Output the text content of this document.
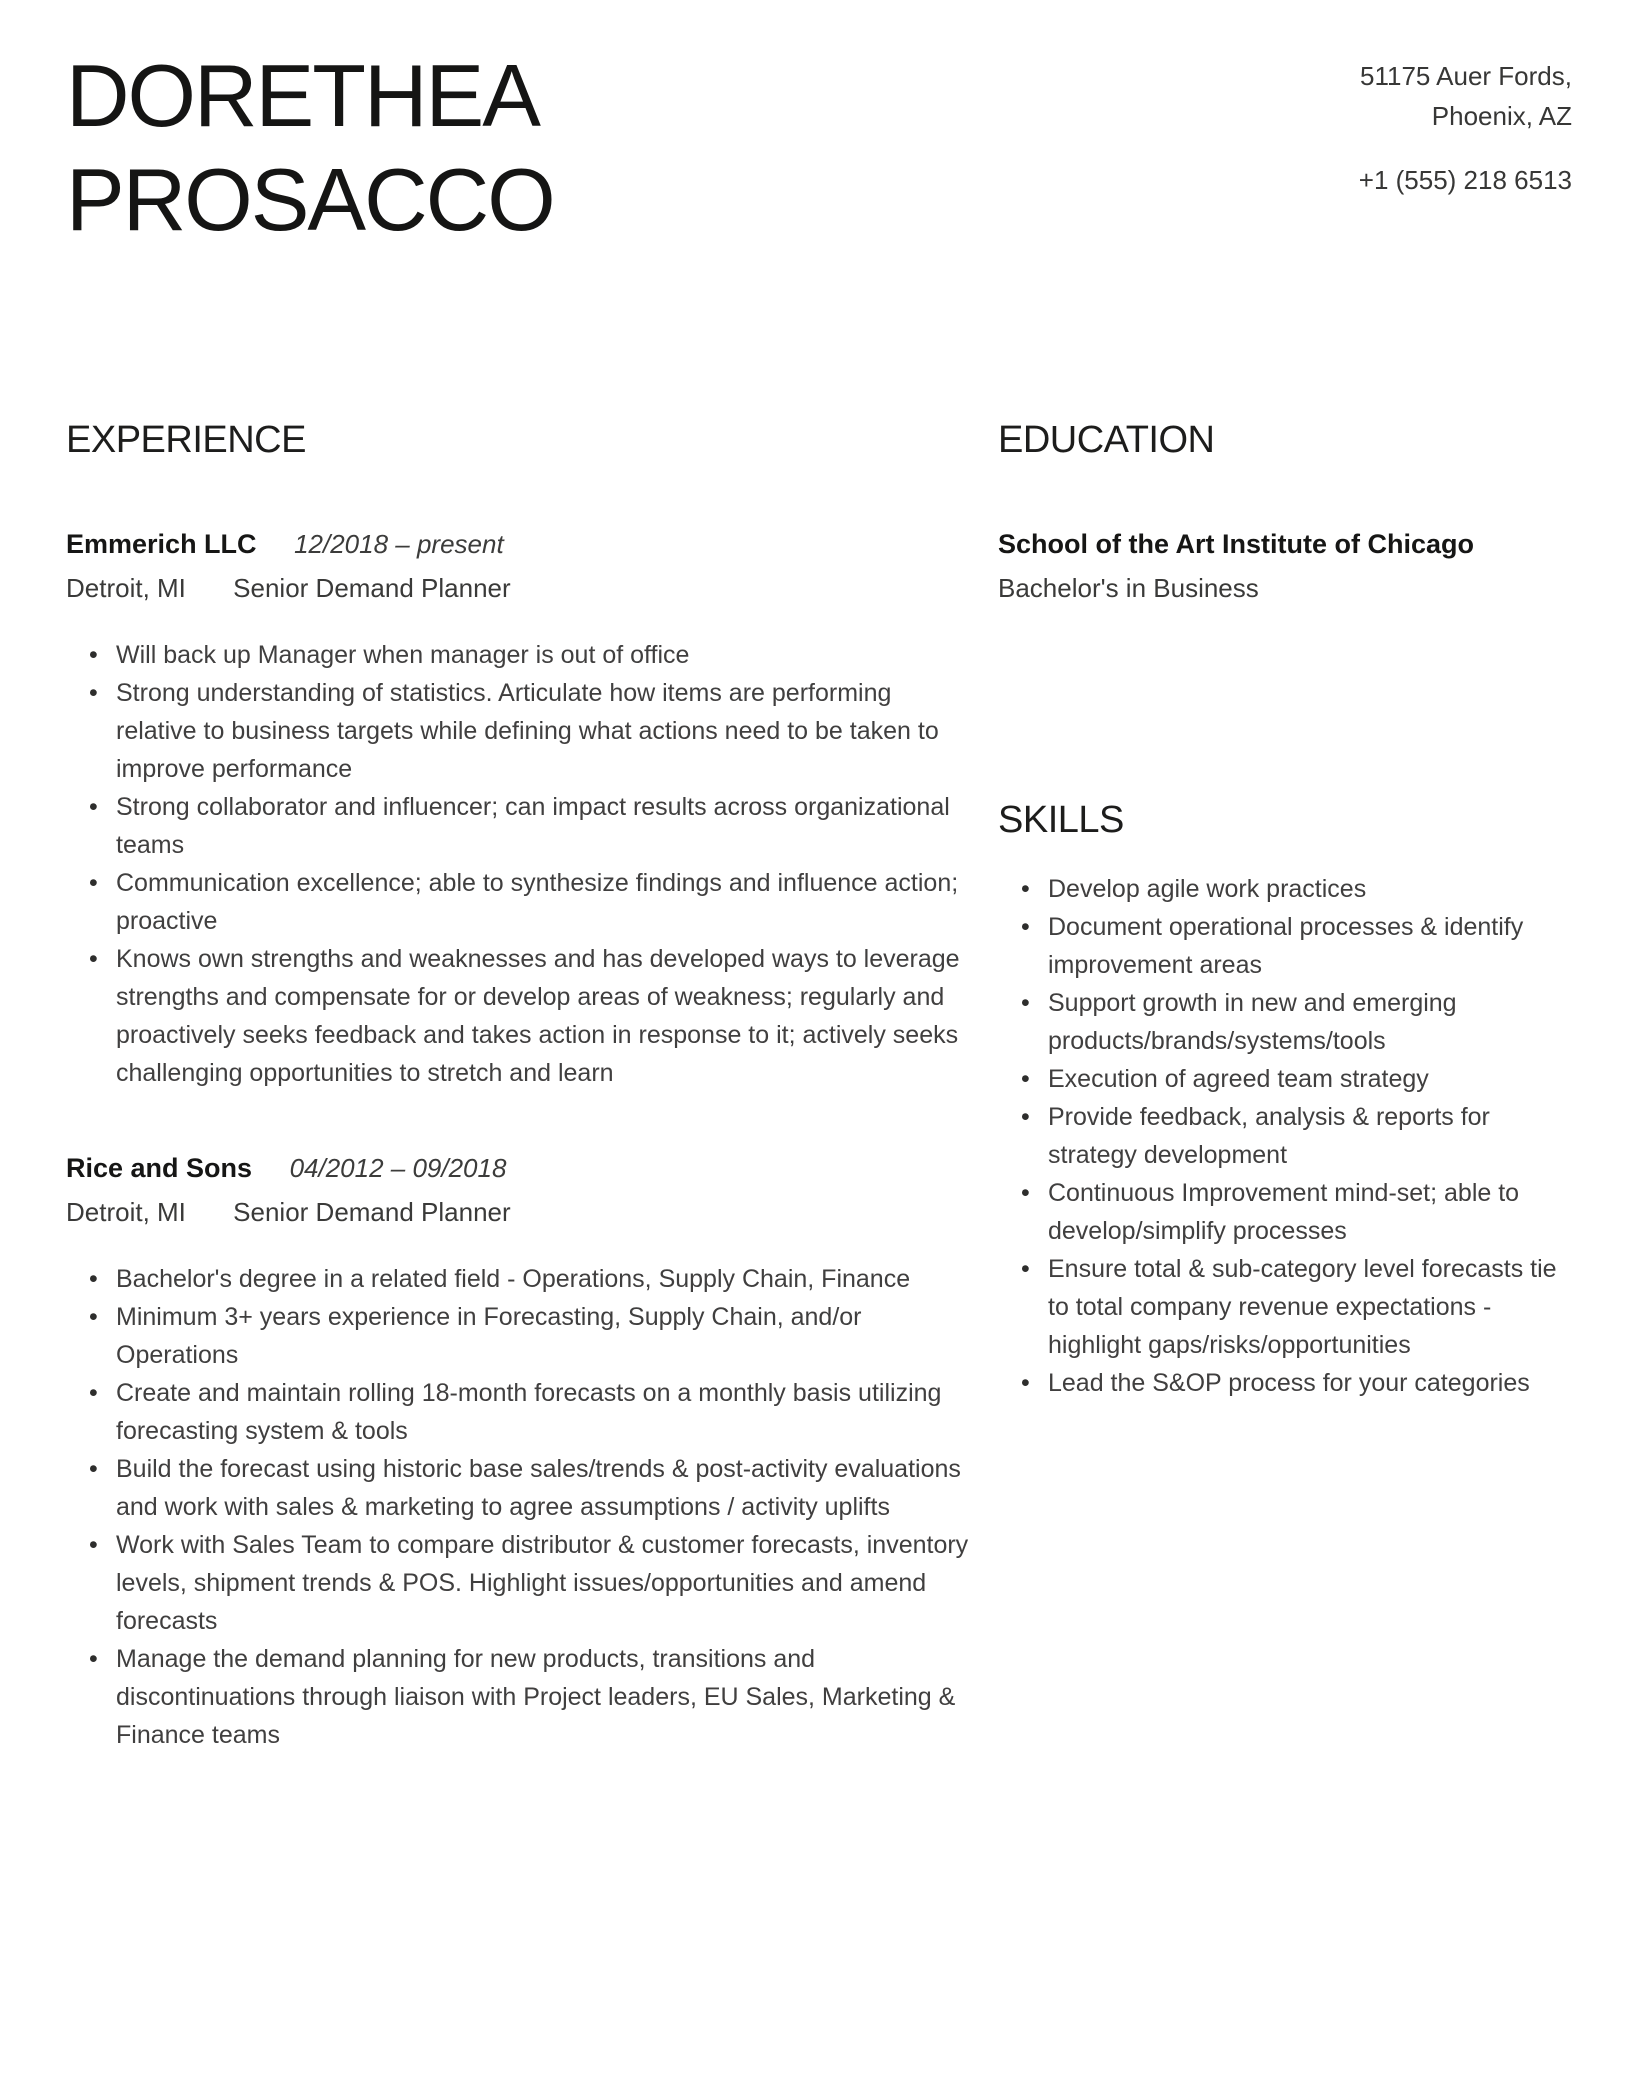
DORETHEA
PROSACCO
51175 Auer Fords,
Phoenix, AZ
+1 (555) 218 6513
EXPERIENCE
Emmerich LLC 12/2018 – present
Detroit, MI Senior Demand Planner
• Will back up Manager when manager is out of office
• Strong understanding of statistics. Articulate how items are performing relative to business targets while defining what actions need to be taken to improve performance
• Strong collaborator and influencer; can impact results across organizational teams
• Communication excellence; able to synthesize findings and influence action; proactive
• Knows own strengths and weaknesses and has developed ways to leverage strengths and compensate for or develop areas of weakness; regularly and proactively seeks feedback and takes action in response to it; actively seeks challenging opportunities to stretch and learn
Rice and Sons 04/2012 – 09/2018
Detroit, MI Senior Demand Planner
• Bachelor's degree in a related field - Operations, Supply Chain, Finance
• Minimum 3+ years experience in Forecasting, Supply Chain, and/or Operations
• Create and maintain rolling 18-month forecasts on a monthly basis utilizing forecasting system & tools
• Build the forecast using historic base sales/trends & post-activity evaluations and work with sales & marketing to agree assumptions / activity uplifts
• Work with Sales Team to compare distributor & customer forecasts, inventory levels, shipment trends & POS. Highlight issues/opportunities and amend forecasts
• Manage the demand planning for new products, transitions and discontinuations through liaison with Project leaders, EU Sales, Marketing & Finance teams
EDUCATION
School of the Art Institute of Chicago
Bachelor's in Business
SKILLS
• Develop agile work practices
• Document operational processes & identify improvement areas
• Support growth in new and emerging products/brands/systems/tools
• Execution of agreed team strategy
• Provide feedback, analysis & reports for strategy development
• Continuous Improvement mind-set; able to develop/simplify processes
• Ensure total & sub-category level forecasts tie to total company revenue expectations - highlight gaps/risks/opportunities
• Lead the S&OP process for your categories
